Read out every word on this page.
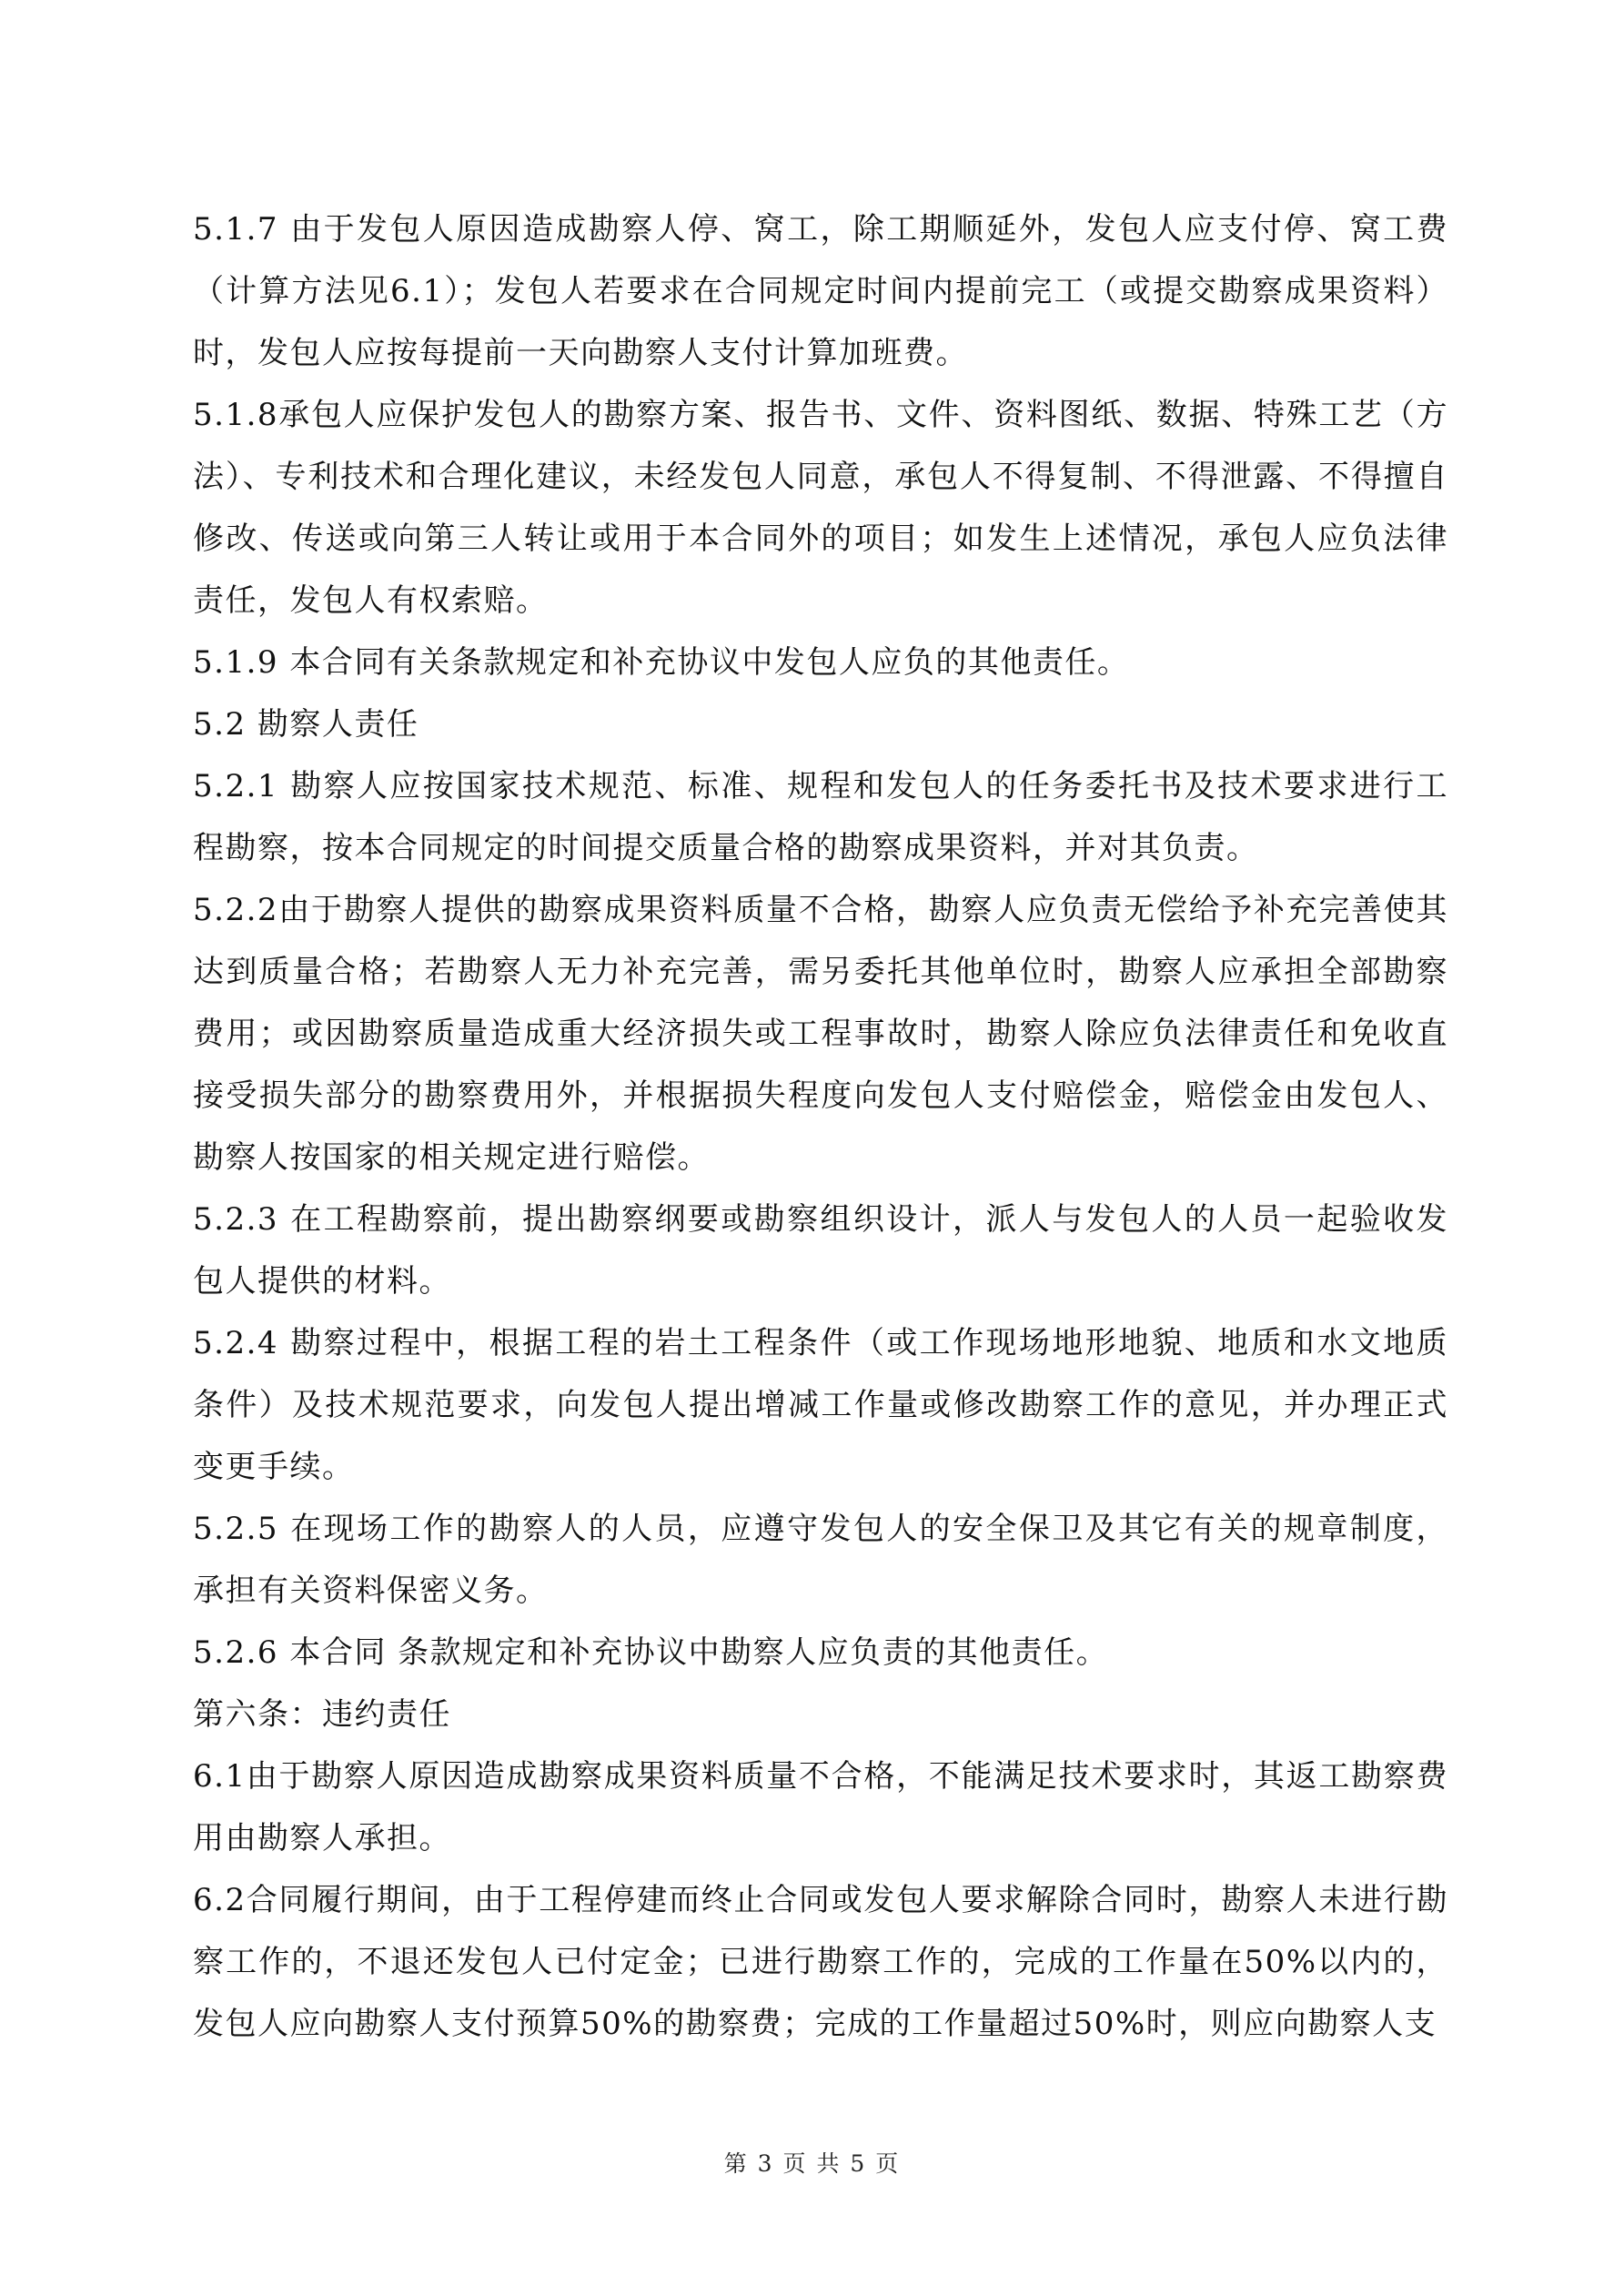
5.1.7 由于发包人原因造成勘察人停、窝工，除工期顺延外，发包人应支付停、窝工费（计算方法见6.1）；发包人若要求在合同规定时间内提前完工（或提交勘察成果资料）时，发包人应按每提前一天向勘察人支付计算加班费。

5.1.8承包人应保护发包人的勘察方案、报告书、文件、资料图纸、数据、特殊工艺（方法）、专利技术和合理化建议，未经发包人同意，承包人不得复制、不得泄露、不得擅自修改、传送或向第三人转让或用于本合同外的项目；如发生上述情况，承包人应负法律责任，发包人有权索赔。

5.1.9 本合同有关条款规定和补充协议中发包人应负的其他责任。

5.2 勘察人责任

5.2.1 勘察人应按国家技术规范、标准、规程和发包人的任务委托书及技术要求进行工程勘察，按本合同规定的时间提交质量合格的勘察成果资料，并对其负责。

5.2.2由于勘察人提供的勘察成果资料质量不合格，勘察人应负责无偿给予补充完善使其达到质量合格；若勘察人无力补充完善，需另委托其他单位时，勘察人应承担全部勘察费用；或因勘察质量造成重大经济损失或工程事故时，勘察人除应负法律责任和免收直接受损失部分的勘察费用外，并根据损失程度向发包人支付赔偿金，赔偿金由发包人、勘察人按国家的相关规定进行赔偿。

5.2.3 在工程勘察前，提出勘察纲要或勘察组织设计，派人与发包人的人员一起验收发包人提供的材料。

5.2.4 勘察过程中，根据工程的岩土工程条件（或工作现场地形地貌、地质和水文地质条件）及技术规范要求，向发包人提出增减工作量或修改勘察工作的意见，并办理正式变更手续。

5.2.5 在现场工作的勘察人的人员，应遵守发包人的安全保卫及其它有关的规章制度，承担有关资料保密义务。

5.2.6 本合同 条款规定和补充协议中勘察人应负责的其他责任。

第六条：违约责任

6.1由于勘察人原因造成勘察成果资料质量不合格，不能满足技术要求时，其返工勘察费用由勘察人承担。

6.2合同履行期间，由于工程停建而终止合同或发包人要求解除合同时，勘察人未进行勘察工作的，不退还发包人已付定金；已进行勘察工作的，完成的工作量在50%以内的，发包人应向勘察人支付预算50%的勘察费；完成的工作量超过50%时，则应向勘察人支

第 3 页 共 5 页
